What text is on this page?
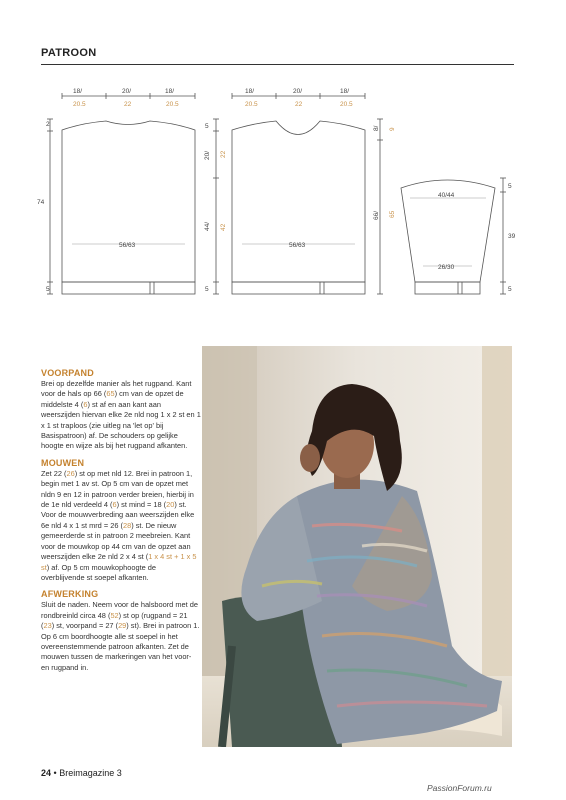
PATROON
18/
20.5
20/
22
18/
20.5
2
74
5
56/63
18/
20.5
20/
22
18/
20.5
5
20/ 22
44/ 42
5
8/ 9
66/ 65
56/63
40/44
26/30
5
39
5
VOORPAND

Brei op dezelfde manier als het rugpand. Kant voor de hals op 66 (65) cm van de opzet de middelste 4 (6) st af en aan kant aan weerszijden hiervan elke 2e nld nog 1 x 2 st en 1 x 1 st traploos (zie uitleg na 'let op' bij Basispatroon) af. De schouders op gelijke hoogte en wijze als bij het rugpand afkanten.

MOUWEN

Zet 22 (26) st op met nld 12. Brei in patroon 1, begin met 1 av st. Op 5 cm van de opzet met nldn 9 en 12 in patroon verder breien, hierbij in de 1e nld verdeeld 4 (6) st mind = 18 (20) st. Voor de mouwverbreding aan weerszijden elke 6e nld 4 x 1 st mrd = 26 (28) st. De nieuw gemeerderde st in patroon 2 meebreien. Kant voor de mouwkop op 44 cm van de opzet aan weerszijden elke 2e nld 2 x 4 st (1 x 4 st + 1 x 5 st) af. Op 5 cm mouwkophoogte de overblijvende st soepel afkanten.

AFWERKING

Sluit de naden. Neem voor de halsboord met de rondbreinld circa 48 (52) st op (rugpand = 21 (23) st, voorpand = 27 (29) st). Brei in patroon 1. Op 6 cm boordhoogte alle st soepel in het overeenstemmende patroon afkanten. Zet de mouwen tussen de markeringen van het voor- en rugpand in.

24 • Breimagazine 3
PassionForum.ru
